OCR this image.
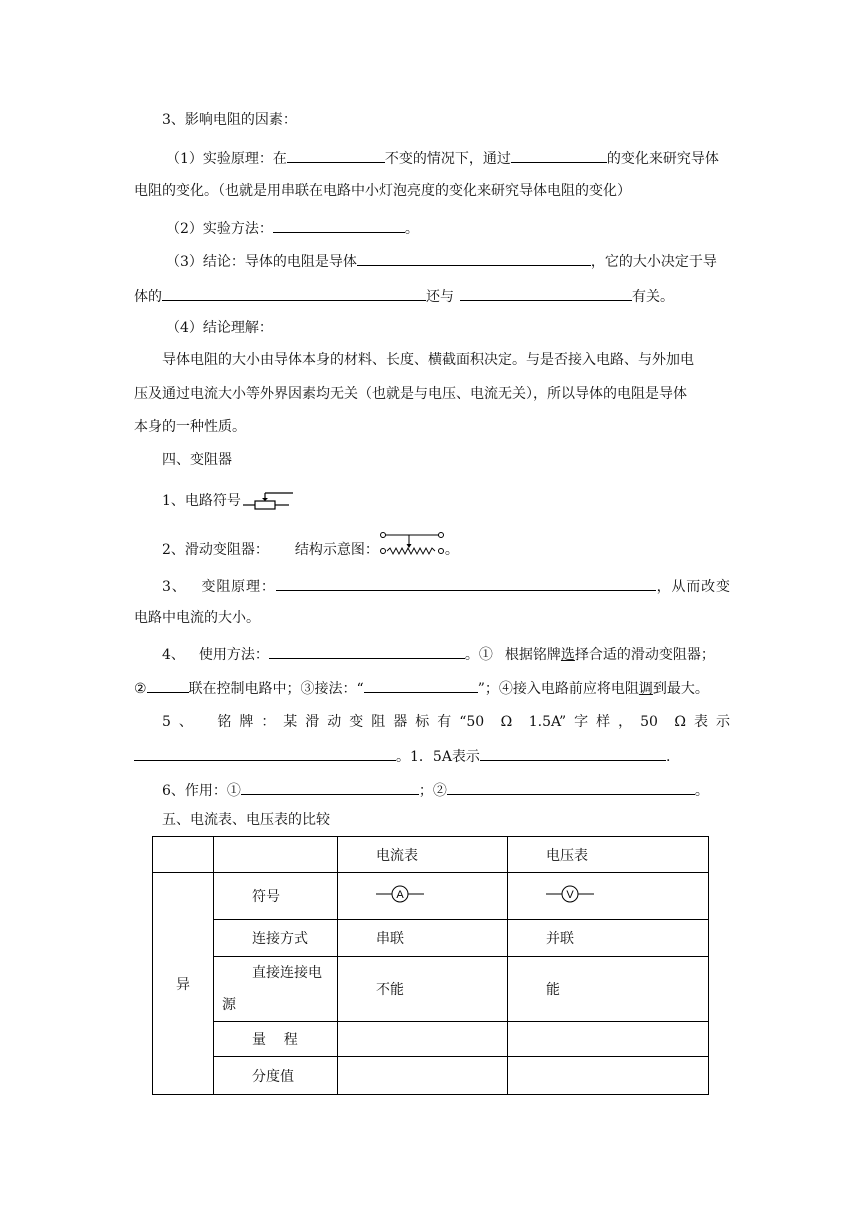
3、影响电阻的因素：
（1）实验原理：在	不变的情况下，通过	的变化来研究导体
电阻的变化。（也就是用串联在电路中小灯泡亮度的变化来研究导体电阻的变化）
（2）实验方法：	。
（3）结论：导体的电阻是导体	，它的大小决定于导
体的	还与	有关。
（4）结论理解：
导体电阻的大小由导体本身的材料、长度、横截面积决定。与是否接入电路、与外加电
压及通过电流大小等外界因素均无关（也就是与电压、电流无关），所以导体的电阻是导体
本身的一种性质。
四、变阻器
1、电路符号
2、滑动变阻器： 结构示意图：	。
3、 变阻原理：	，从而改变
电路中电流的大小。
4、 使用方法：	。① 根据铭牌选择合适的滑动变阻器；
②	联在控制电路中；③接法：“	”；④接入电路前应将电阻调到最大。
5、 铭牌：某滑动变阻器标有“50 Ω 1.5A”字样，50 Ω表示
。1．5A表示	.
6、作用：①	；②	。
五、电流表、电压表的比较
		电流表	电压表
异	符号	A	V

	连接方式	串联	并联

	直接连接电
源	不能	能
	量    程		
	分度值		
